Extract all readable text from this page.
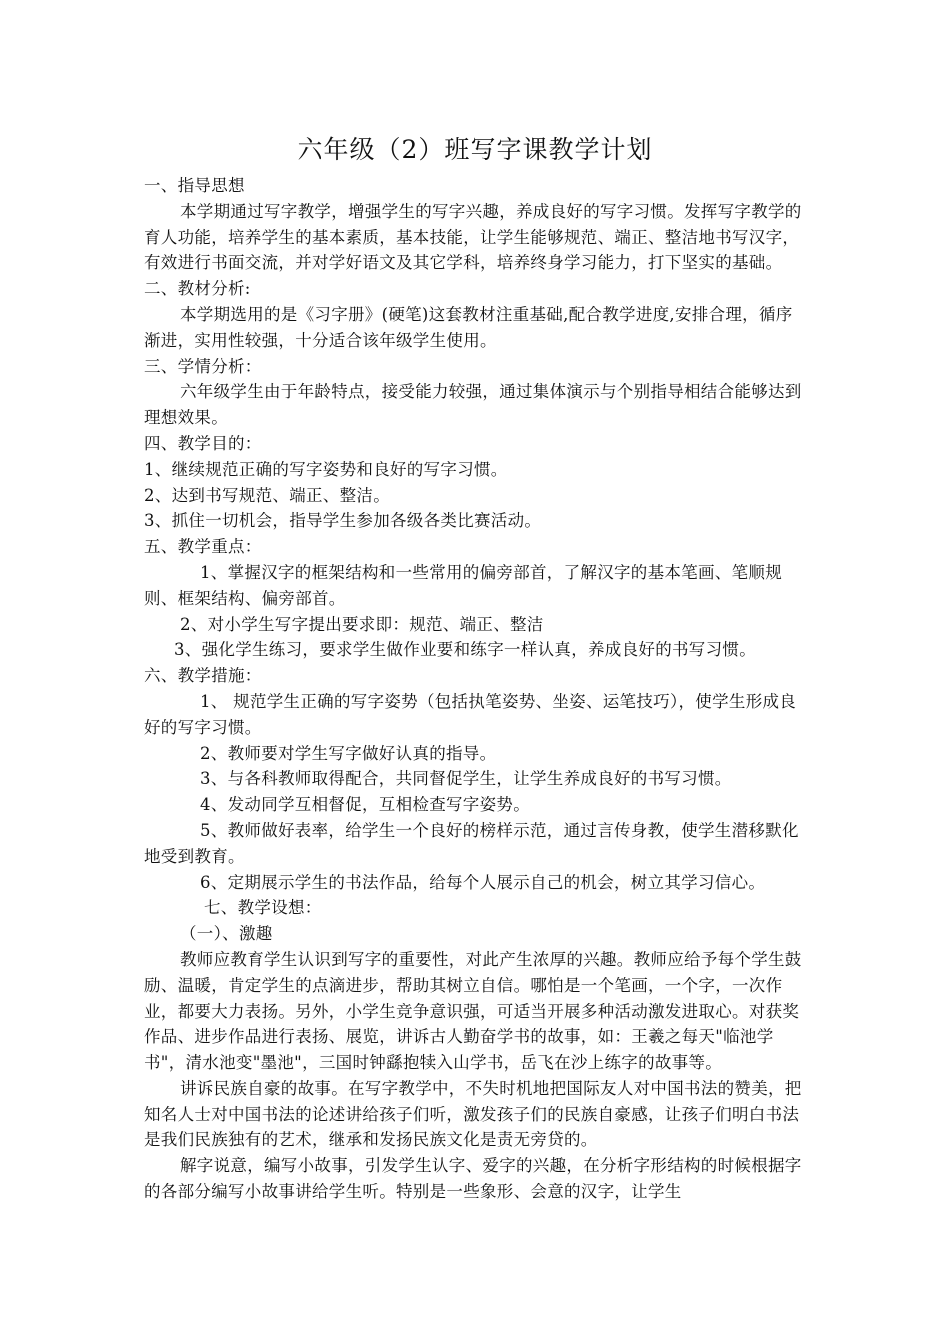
六年级（2）班写字课教学计划

一、指导思想

本学期通过写字教学，增强学生的写字兴趣，养成良好的写字习惯。发挥写字教学的育人功能，培养学生的基本素质，基本技能，让学生能够规范、端正、整洁地书写汉字，有效进行书面交流，并对学好语文及其它学科，培养终身学习能力，打下坚实的基础。

二、教材分析:

本学期选用的是《习字册》(硬笔)这套教材注重基础,配合教学进度,安排合理，循序渐进，实用性较强，十分适合该年级学生使用。

三、学情分析：

六年级学生由于年龄特点，接受能力较强，通过集体演示与个别指导相结合能够达到理想效果。

四、教学目的：

1、继续规范正确的写字姿势和良好的写字习惯。

2、达到书写规范、端正、整洁。

3、抓住一切机会，指导学生参加各级各类比赛活动。

五、教学重点：

1、掌握汉字的框架结构和一些常用的偏旁部首，了解汉字的基本笔画、笔顺规则、框架结构、偏旁部首。

2、对小学生写字提出要求即：规范、端正、整洁

3、强化学生练习，要求学生做作业要和练字一样认真，养成良好的书写习惯。

六、教学措施：

1、 规范学生正确的写字姿势（包括执笔姿势、坐姿、运笔技巧），使学生形成良好的写字习惯。

2、教师要对学生写字做好认真的指导。

3、与各科教师取得配合，共同督促学生，让学生养成良好的书写习惯。

4、发动同学互相督促，互相检查写字姿势。

5、教师做好表率，给学生一个良好的榜样示范，通过言传身教，使学生潜移默化地受到教育。

6、定期展示学生的书法作品，给每个人展示自己的机会，树立其学习信心。

七、教学设想：

（一）、激趣

教师应教育学生认识到写字的重要性，对此产生浓厚的兴趣。教师应给予每个学生鼓励、温暖，肯定学生的点滴进步，帮助其树立自信。哪怕是一个笔画，一个字，一次作业，都要大力表扬。另外，小学生竞争意识强，可适当开展多种活动激发进取心。对获奖作品、进步作品进行表扬、展览，讲诉古人勤奋学书的故事，如：王羲之每天"临池学书"，清水池变"墨池"，三国时钟繇抱犊入山学书，岳飞在沙上练字的故事等。

讲诉民族自豪的故事。在写字教学中，不失时机地把国际友人对中国书法的赞美，把知名人士对中国书法的论述讲给孩子们听，激发孩子们的民族自豪感，让孩子们明白书法是我们民族独有的艺术，继承和发扬民族文化是责无旁贷的。

解字说意，编写小故事，引发学生认字、爱字的兴趣，在分析字形结构的时候根据字的各部分编写小故事讲给学生听。特别是一些象形、会意的汉字，让学生
